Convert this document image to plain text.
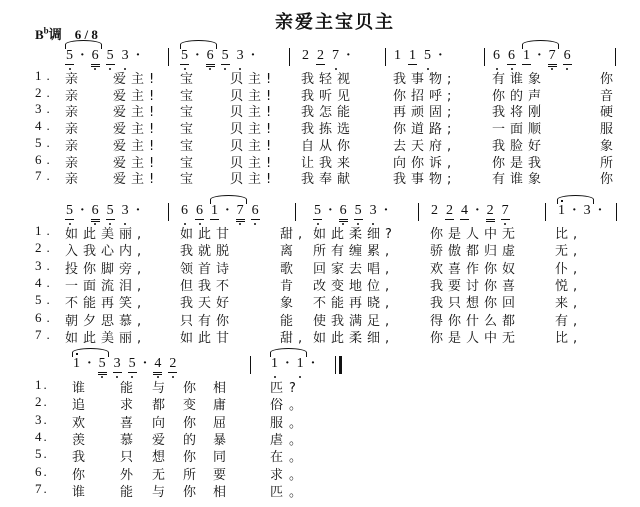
亲爱主宝贝主
$B^b$调 6 / 8
5 · 6 5 3 ·	5 · 6 5 3 ·	2 2 7 ·	1 1 5 ·	6 6 1 · 7 6
1. 亲 爱主! 宝 贝主! 我轻视	我事物;	有谁象	你
2. 亲 爱主! 宝 贝主! 我听见	你招呼;	你的声	音
3. 亲 爱主! 宝 贝主! 我怎能	再顽固;	我将刚	硬
4. 亲 爱主! 宝 贝主! 我拣选	你道路;	一面顺	服
5. 亲 爱主! 宝 贝主! 自从你	去天府,	我脸好	象
6. 亲 爱主! 宝 贝主! 让我来	向你诉,	你是我	所
7. 亲 爱主! 宝 贝主! 我奉献	我事物;	有谁象	你
5 · 6 5 3 ·	6 6 1 · 7 6	5 · 6 5 3 ·	2 2 4 · 2 7	1 · 3 ·
1. 如此美丽,	如此甘	甜, 如此柔细?	你是人中无	比,
2. 入我心内,	我就脱	离 所有缠累,	骄傲都归虚	无,
3. 投你脚旁,	领首诗	歌 回家去唱,	欢喜作你奴	仆,
4. 一面流泪,	但我不	肯 改变地位,	我要讨你喜	悦,
5. 不能再笑,	我天好	象 不能再晓,	我只想你回	来,
6. 朝夕思慕,	只有你	能 使我满足,	得你什么都	有,
7. 如此美丽,	如此甘	甜, 如此柔细,	你是人中无	比,
1 · 5 3 5 · 4 2	1 · 1 ·
1. 谁 能 与 你 相	匹?
2. 追 求 都 变 庸	俗。
3. 欢 喜 向 你 屈	服。
4. 羡 慕 爱 的 暴	虐。
5. 我 只 想 你 同	在。
6. 你 外 无 所 要	求。
7. 谁 能 与 你 相	匹。
